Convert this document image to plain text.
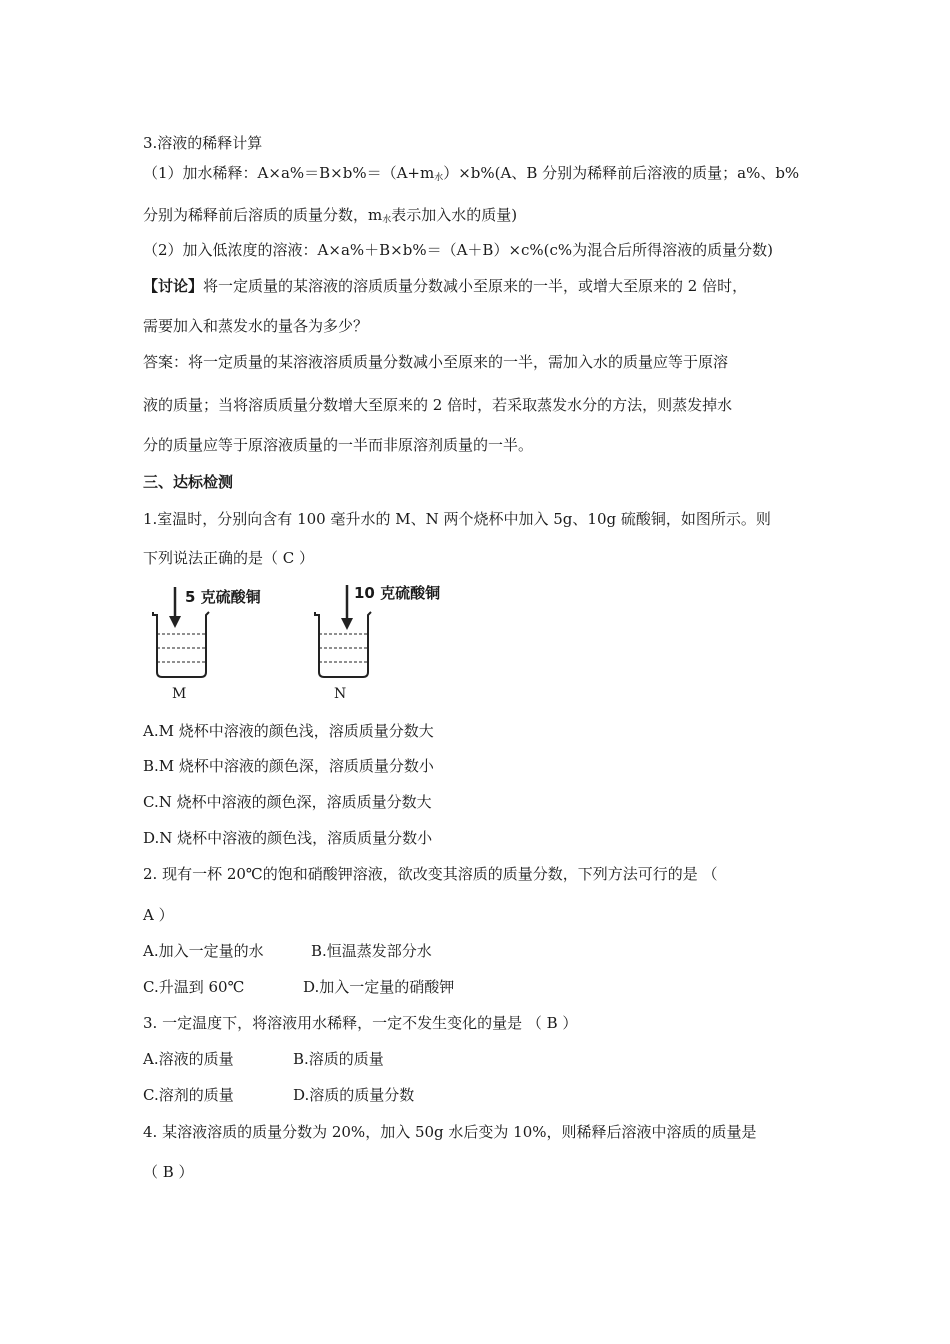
3.溶液的稀释计算
（1）加水稀释：$A\times a\%=B\times b\%=(A+m_水)\times b\%(A$、B 分别为稀释前后溶液的质量；a%、b%
分别为稀释前后溶质的质量分数，$m_水$表示加入水的质量)
（2）加入低浓度的溶液：A×a%＋B×b%＝（A＋B）×c%(c%为混合后所得溶液的质量分数)
【讨论】将一定质量的某溶液的溶质质量分数减小至原来的一半，或增大至原来的 2 倍时，
需要加入和蒸发水的量各为多少？
答案：将一定质量的某溶液溶质质量分数减小至原来的一半，需加入水的质量应等于原溶
液的质量；当将溶质质量分数增大至原来的 2 倍时，若采取蒸发水分的方法，则蒸发掉水
分的质量应等于原溶液质量的一半而非原溶剂质量的一半。
三、达标检测
1.室温时，分别向含有 100 毫升水的 M、N 两个烧杯中加入 5g、10g 硫酸铜，如图所示。则
下列说法正确的是（ C ）
5 克硫酸铜
M
10 克硫酸铜
N
A.M 烧杯中溶液的颜色浅，溶质质量分数大
B.M 烧杯中溶液的颜色深，溶质质量分数小
C.N 烧杯中溶液的颜色深，溶质质量分数大
D.N 烧杯中溶液的颜色浅，溶质质量分数小
2. 现有一杯 20℃的饱和硝酸钾溶液，欲改变其溶质的质量分数，下列方法可行的是 （
A ）
A.加入一定量的水	B.恒温蒸发部分水
C.升温到 60℃	D.加入一定量的硝酸钾
3. 一定温度下，将溶液用水稀释，一定不发生变化的量是 （ B ）
A.溶液的质量	B.溶质的质量
C.溶剂的质量	D.溶质的质量分数
4. 某溶液溶质的质量分数为 20%，加入 50g 水后变为 10%，则稀释后溶液中溶质的质量是
（ B ）
